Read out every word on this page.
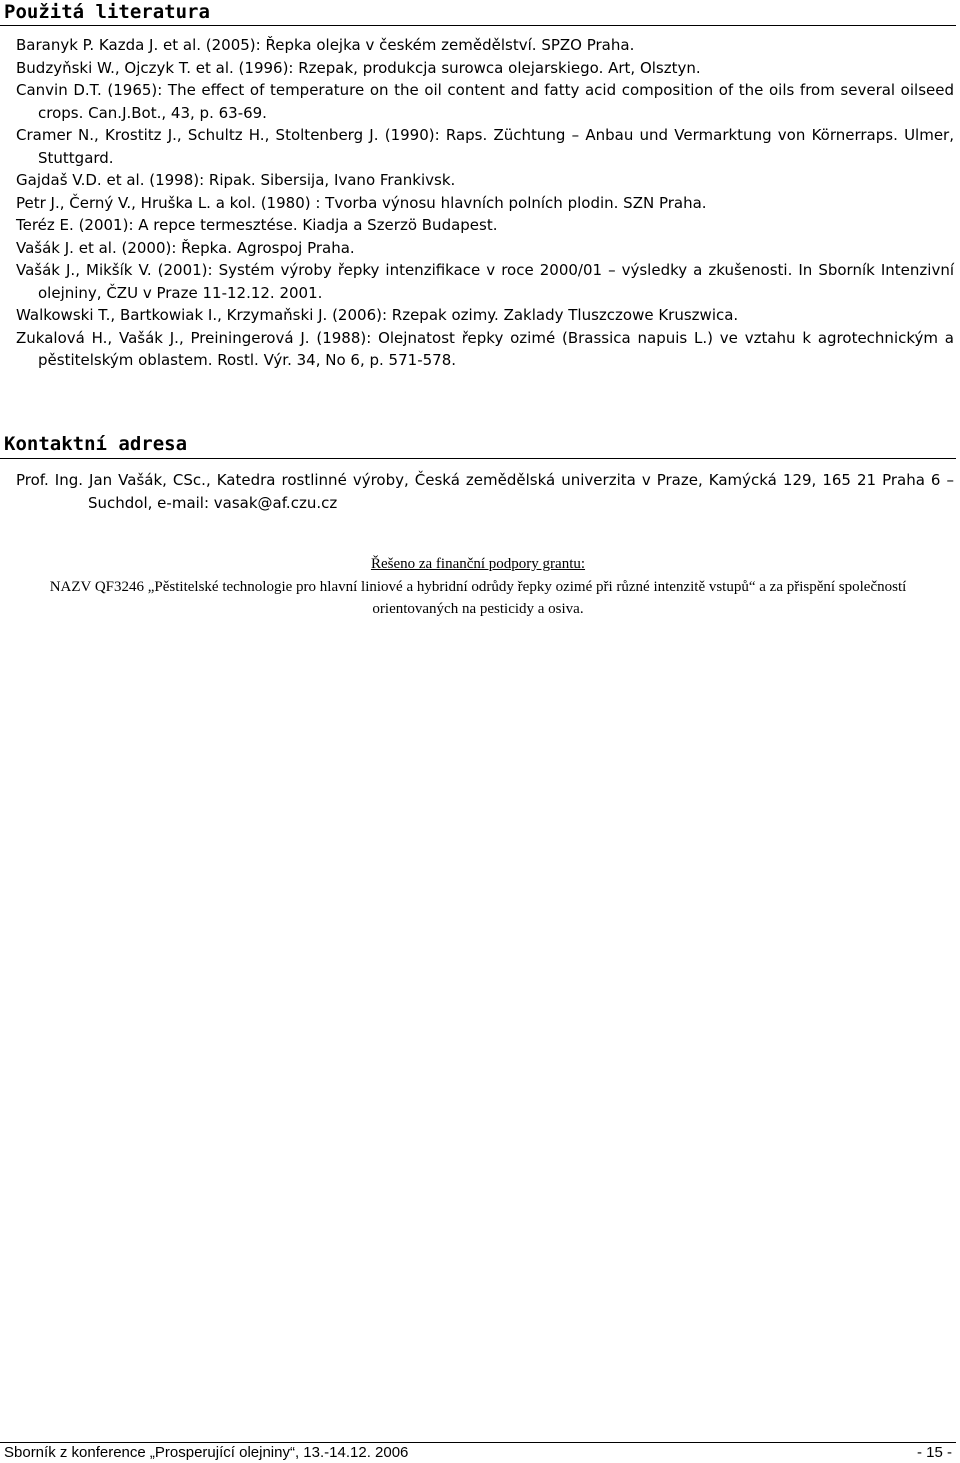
Použitá literatura
Baranyk P. Kazda J. et al. (2005): Řepka olejka v českém zemědělství. SPZO Praha.
Budzyňski W., Ojczyk T. et al. (1996): Rzepak, produkcja surowca olejarskiego. Art, Olsztyn.
Canvin D.T. (1965): The effect of temperature on the oil content and fatty acid composition of the oils from several oilseed crops. Can.J.Bot., 43, p. 63-69.
Cramer N., Krostitz J., Schultz H., Stoltenberg J. (1990): Raps. Züchtung – Anbau und Vermarktung von Körnerraps. Ulmer, Stuttgard.
Gajdaš V.D. et al. (1998): Ripak. Sibersija, Ivano Frankivsk.
Petr J., Černý V., Hruška L. a kol. (1980) : Tvorba výnosu hlavních polních plodin. SZN Praha.
Teréz E. (2001): A repce termesztése. Kiadja a Szerzö Budapest.
Vašák J. et al. (2000): Řepka. Agrospoj Praha.
Vašák J., Mikšík V. (2001): Systém výroby řepky intenzifikace v roce 2000/01 – výsledky a zkušenosti. In Sborník Intenzivní olejniny, ČZU v Praze 11-12.12. 2001.
Walkowski T., Bartkowiak I., Krzymaňski J. (2006): Rzepak ozimy. Zaklady Tluszczowe Kruszwica.
Zukalová H., Vašák J., Preiningerová J. (1988): Olejnatost řepky ozimé (Brassica napuis L.) ve vztahu k agrotechnickým a pěstitelským oblastem. Rostl. Výr. 34, No 6, p. 571-578.
Kontaktní adresa
Prof. Ing. Jan Vašák, CSc., Katedra rostlinné výroby, Česká zemědělská univerzita v Praze, Kamýcká 129, 165 21 Praha 6 – Suchdol, e-mail: vasak@af.czu.cz
Řešeno za finanční podpory grantu:
NAZV QF3246 „Pěstitelské technologie pro hlavní liniové a hybridní odrůdy řepky ozimé při různé intenzitě vstupů“ a za přispění společností orientovaných na pesticidy a osiva.
Sborník z konference „Prosperující olejniny“, 13.-14.12. 2006	- 15 -
